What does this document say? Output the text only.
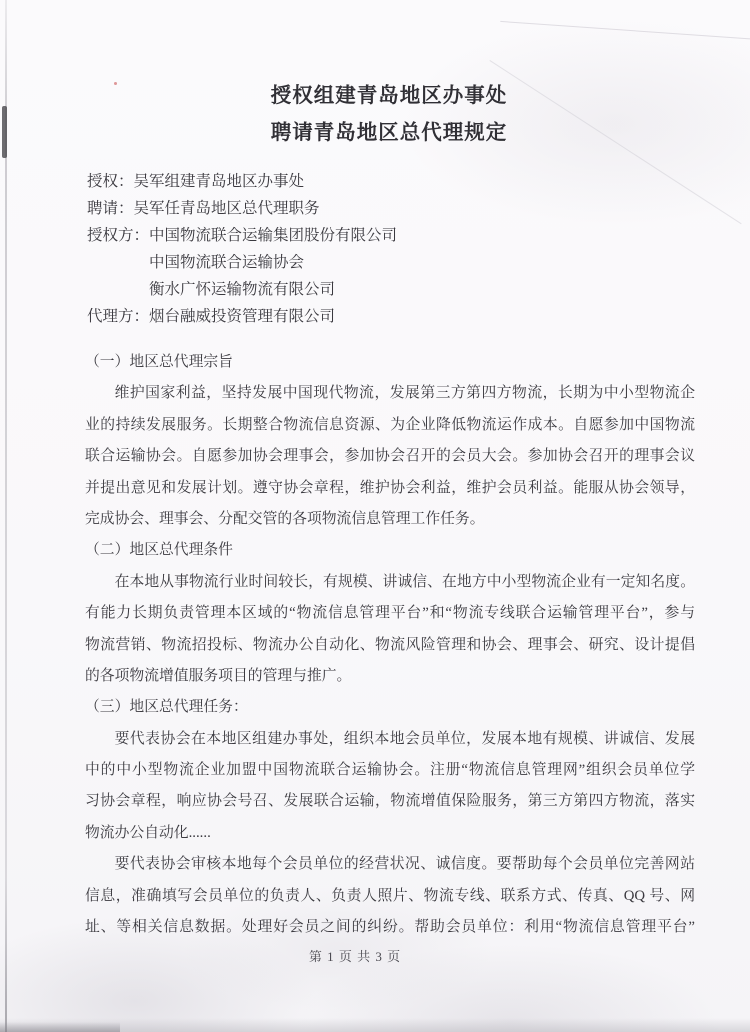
授权组建青岛地区办事处
聘请青岛地区总代理规定
授权：吴军组建青岛地区办事处
聘请：吴军任青岛地区总代理职务
授权方：中国物流联合运输集团股份有限公司
中国物流联合运输协会
衡水广怀运输物流有限公司
代理方：烟台融威投资管理有限公司
（一）地区总代理宗旨
维护国家利益，坚持发展中国现代物流，发展第三方第四方物流，长期为中小型物流企
业的持续发展服务。长期整合物流信息资源、为企业降低物流运作成本。自愿参加中国物流
联合运输协会。自愿参加协会理事会，参加协会召开的会员大会。参加协会召开的理事会议
并提出意见和发展计划。遵守协会章程，维护协会利益，维护会员利益。能服从协会领导，
完成协会、理事会、分配交管的各项物流信息管理工作任务。
（二）地区总代理条件
在本地从事物流行业时间较长，有规模、讲诚信、在地方中小型物流企业有一定知名度。
有能力长期负责管理本区域的“物流信息管理平台”和“物流专线联合运输管理平台”，参与
物流营销、物流招投标、物流办公自动化、物流风险管理和协会、理事会、研究、设计提倡
的各项物流增值服务项目的管理与推广。
（三）地区总代理任务：
要代表协会在本地区组建办事处，组织本地会员单位，发展本地有规模、讲诚信、发展
中的中小型物流企业加盟中国物流联合运输协会。注册“物流信息管理网”组织会员单位学
习协会章程，响应协会号召、发展联合运输，物流增值保险服务，第三方第四方物流，落实
物流办公自动化......
要代表协会审核本地每个会员单位的经营状况、诚信度。要帮助每个会员单位完善网站
信息，准确填写会员单位的负责人、负责人照片、物流专线、联系方式、传真、QQ 号、网
址、等相关信息数据。处理好会员之间的纠纷。帮助会员单位：利用“物流信息管理平台”
第 1 页 共 3 页
